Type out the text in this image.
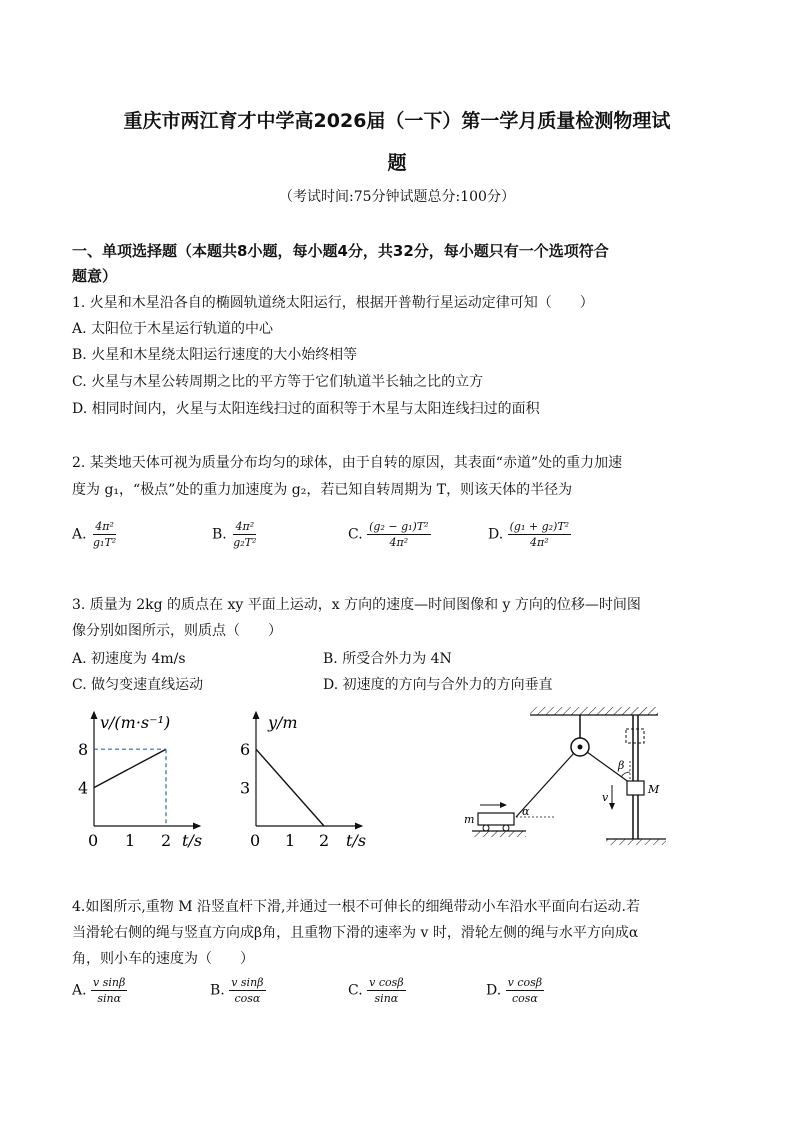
重庆市两江育才中学高2026届（一下）第一学月质量检测物理试
题
（考试时间:75分钟试题总分:100分）
一、单项选择题（本题共8小题，每小题4分，共32分，每小题只有一个选项符合
题意）
1. 火星和木星沿各自的椭圆轨道绕太阳运行，根据开普勒行星运动定律可知（　　）
A. 太阳位于木星运行轨道的中心
B. 火星和木星绕太阳运行速度的大小始终相等
C. 火星与木星公转周期之比的平方等于它们轨道半长轴之比的立方
D. 相同时间内，火星与太阳连线扫过的面积等于木星与太阳连线扫过的面积
2. 某类地天体可视为质量分布均匀的球体，由于自转的原因，其表面“赤道”处的重力加速
度为 g₁，“极点”处的重力加速度为 g₂，若已知自转周期为 T，则该天体的半径为
A. $\frac{\text{4π²}}{\text{g₁T²}}$	B. $\frac{\text{4π²}}{\text{g₂T²}}$	C. $\frac{\text{(g₂ − g₁)T²}}{\text{4π²}}$	D. $\frac{\text{(g₁ + g₂)T²}}{\text{4π²}}$
3. 质量为 2kg 的质点在 xy 平面上运动，x 方向的速度—时间图像和 y 方向的位移—时间图
像分别如图所示，则质点（　　）
A. 初速度为 4m/s	B. 所受合外力为 4N
C. 做匀变速直线运动	D. 初速度的方向与合外力的方向垂直
v/(m·s⁻¹)
t/s
0 1 2
4
8
y/m
t/s
0 1 2
3
6
β
M
v
α
m
4.如图所示,重物 M 沿竖直杆下滑,并通过一根不可伸长的细绳带动小车沿水平面向右运动.若
当滑轮右侧的绳与竖直方向成β角，且重物下滑的速率为 v 时，滑轮左侧的绳与水平方向成α
角，则小车的速度为（　　）
A. $\frac{\text{v sinβ}}{\sin\alpha}$	B. $\frac{\text{v sinβ}}{\cos\alpha}$	C. $\frac{\text{v cosβ}}{\sin\alpha}$	D. $\frac{\text{v cosβ}}{\cos\alpha}$
